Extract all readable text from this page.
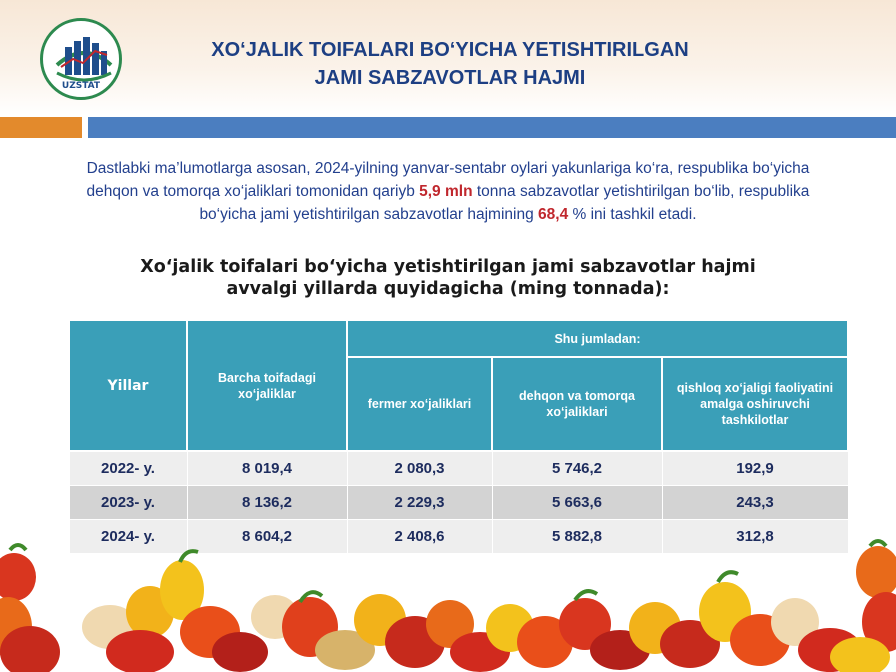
UZSTAT
XO‘JALIK TOIFALARI BO‘YICHA YETISHTIRILGAN
JAMI SABZAVOTLAR HAJMI
Dastlabki ma’lumotlarga asosan, 2024-yilning yanvar-sentabr oylari yakunlariga ko‘ra, respublika bo‘yicha dehqon va tomorqa xo‘jaliklari tomonidan qariyb 5,9 mln tonna sabzavotlar yetishtirilgan bo‘lib, respublika bo‘yicha jami yetishtirilgan sabzavotlar hajmining 68,4 % ini tashkil etadi.
Xo‘jalik toifalari bo‘yicha yetishtirilgan jami sabzavotlar hajmi
avvalgi yillarda quyidagicha (ming tonnada):
Yillar	Barcha toifadagi xo‘jaliklar	Shu jumladan:		
		fermer xo‘jaliklari	dehqon va tomorqa xo‘jaliklari	qishloq xo‘jaligi faoliyatini amalga oshiruvchi tashkilotlar
2022- y.	8 019,4	2 080,3	5 746,2	192,9
2023- y.	8 136,2	2 229,3	5 663,6	243,3
2024- y.	8 604,2	2 408,6	5 882,8	312,8
